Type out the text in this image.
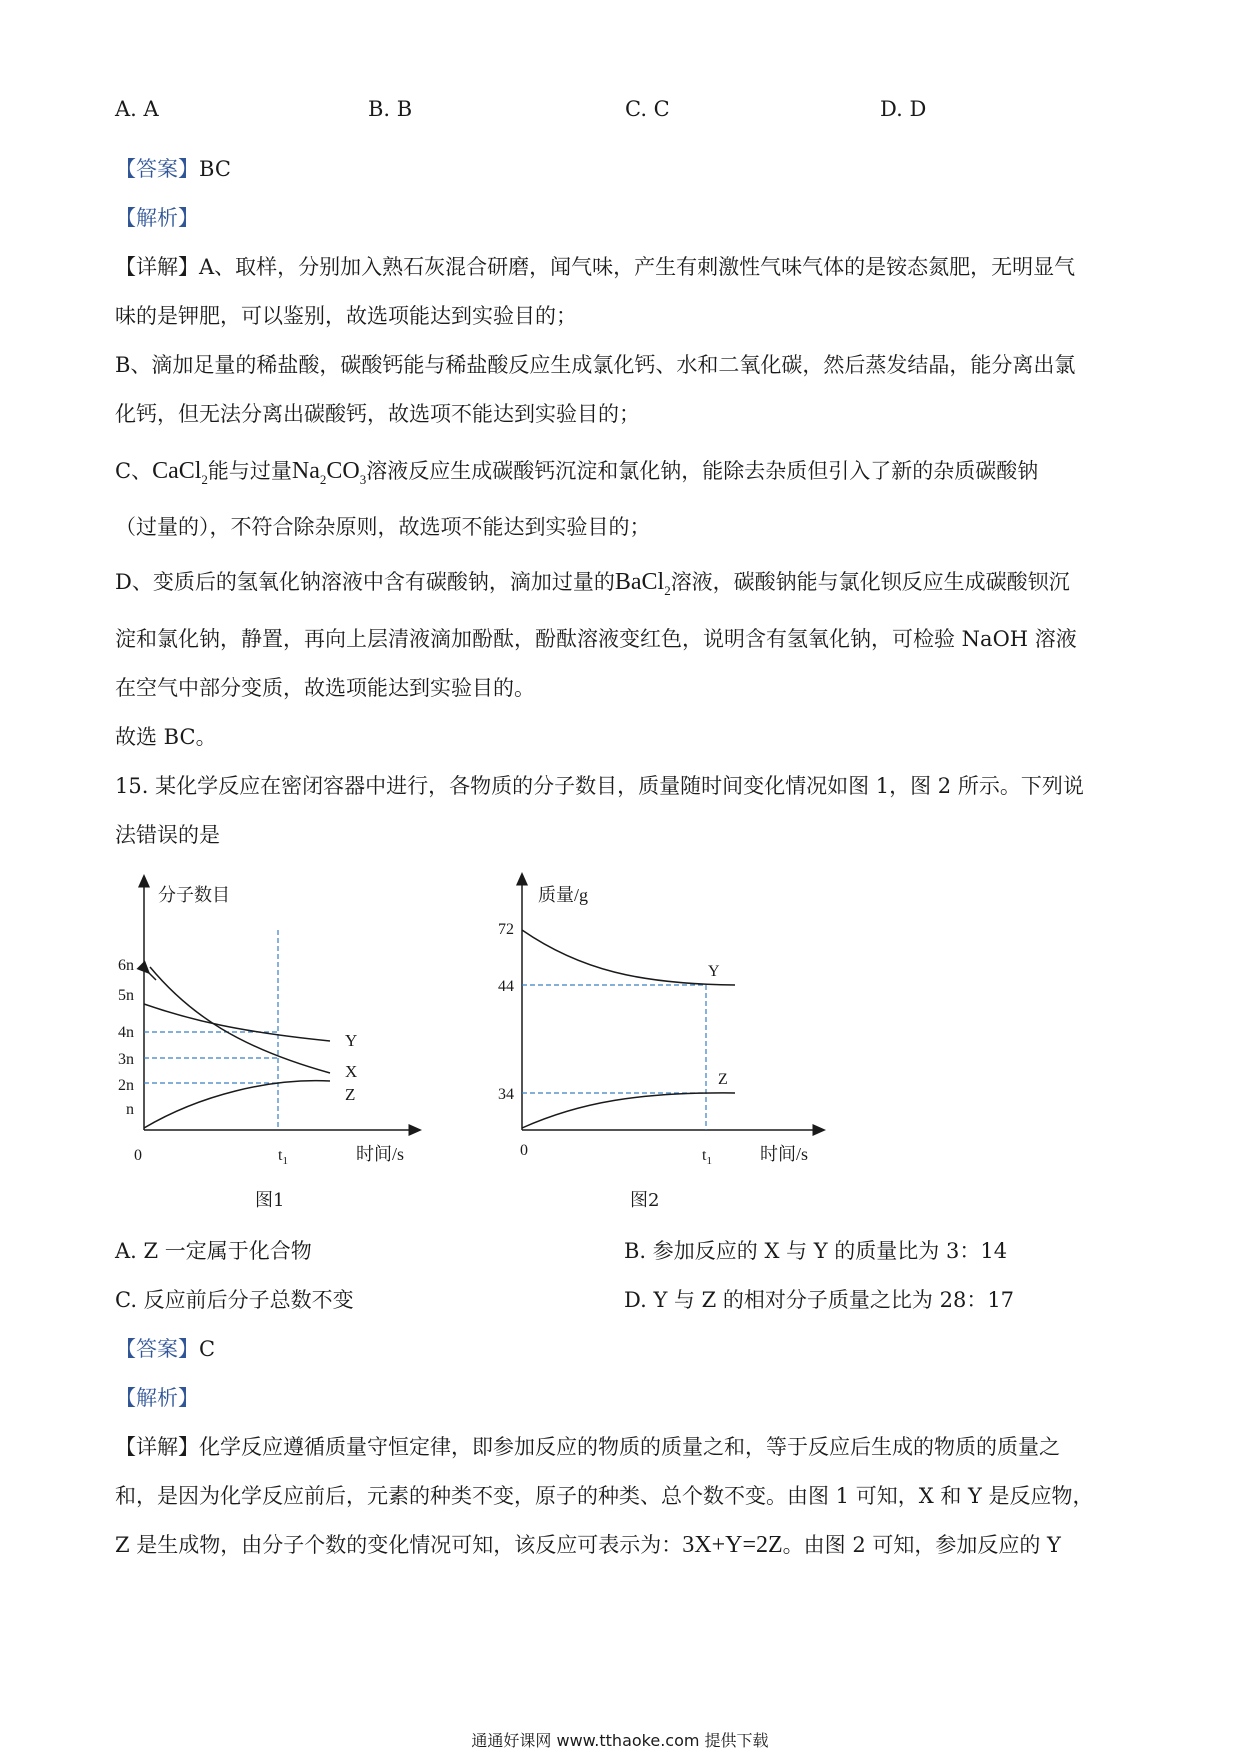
A. A	B. B	C. C	D. D
【答案】BC
【解析】
【详解】A、取样，分别加入熟石灰混合研磨，闻气味，产生有刺激性气味气体的是铵态氮肥，无明显气
味的是钾肥，可以鉴别，故选项能达到实验目的；
B、滴加足量的稀盐酸，碳酸钙能与稀盐酸反应生成氯化钙、水和二氧化碳，然后蒸发结晶，能分离出氯
化钙，但无法分离出碳酸钙，故选项不能达到实验目的；
C、CaCl$_2$能与过量$Na_2CO_3$溶液反应生成碳酸钙沉淀和氯化钠，能除去杂质但引入了新的杂质碳酸钠
（过量的），不符合除杂原则，故选项不能达到实验目的；
D、变质后的氢氧化钠溶液中含有碳酸钠，滴加过量的BaCl$_2$溶液，碳酸钠能与氯化钡反应生成碳酸钡沉
淀和氯化钠，静置，再向上层清液滴加酚酞，酚酞溶液变红色，说明含有氢氧化钠，可检验 NaOH 溶液
在空气中部分变质，故选项能达到实验目的。
故选 BC。
15. 某化学反应在密闭容器中进行，各物质的分子数目，质量随时间变化情况如图 1，图 2 所示。下列说
法错误的是
分子数目
时间/s
0	$t_1$
n
2n
3n
4n
5n
6n
Y
X
Z
图1
质量/g
时间/s
0	$t_1$
34
44
72
Y
Z
图2
A. Z 一定属于化合物	B. 参加反应的 X 与 Y 的质量比为 3：14
C. 反应前后分子总数不变	D. Y 与 Z 的相对分子质量之比为 28：17
【答案】C
【解析】
【详解】化学反应遵循质量守恒定律，即参加反应的物质的质量之和，等于反应后生成的物质的质量之
和，是因为化学反应前后，元素的种类不变，原子的种类、总个数不变。由图 1 可知，X 和 Y 是反应物，
Z 是生成物，由分子个数的变化情况可知，该反应可表示为：3X+Y=2Z。由图 2 可知，参加反应的 Y
通通好课网 www.tthaoke.com 提供下载
